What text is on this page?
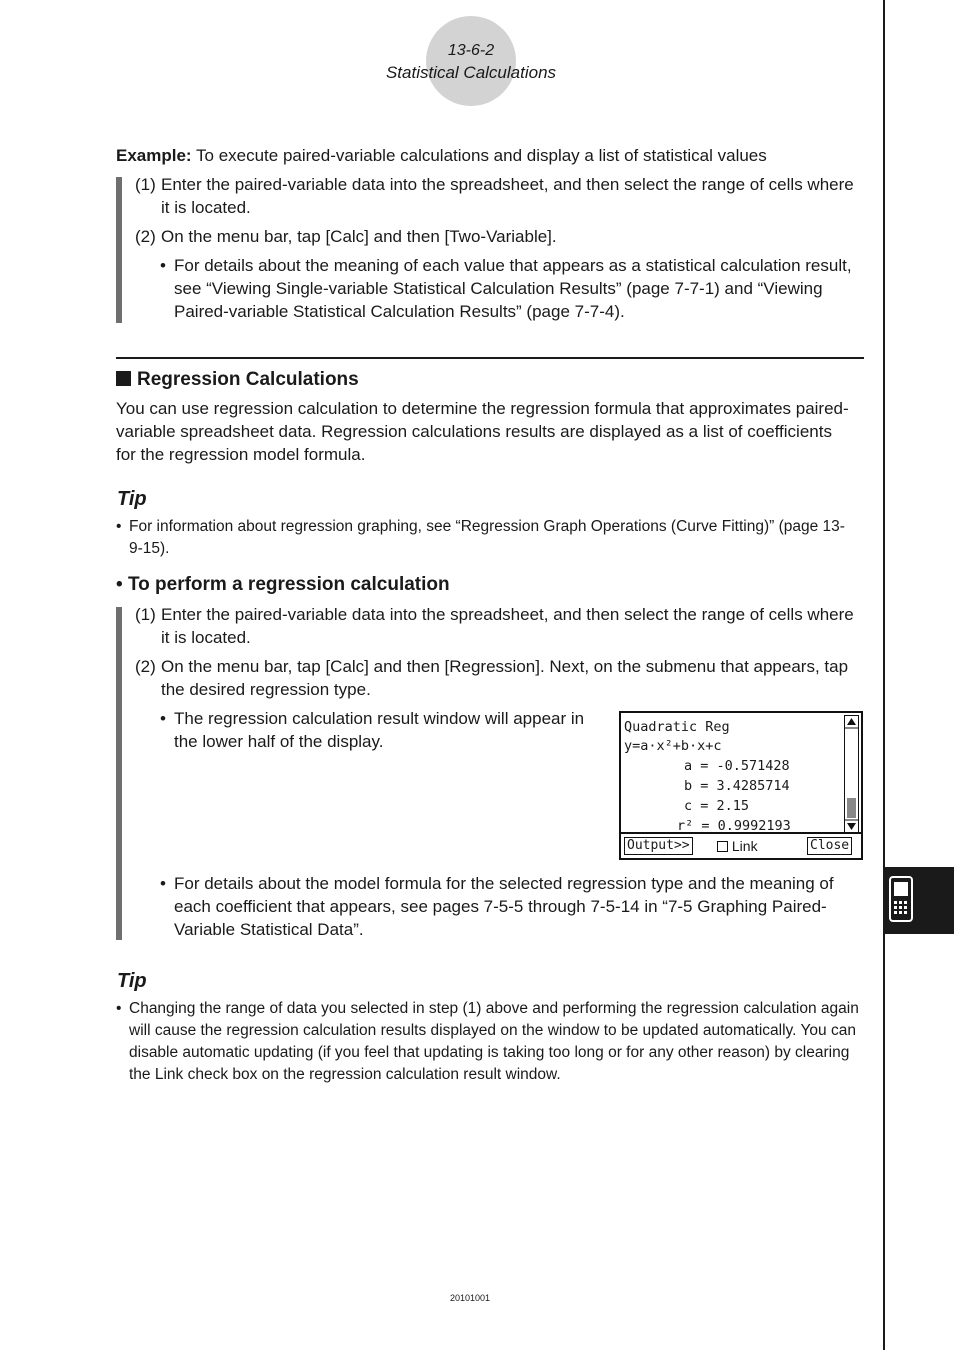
13-6-2
Statistical Calculations
Example: To execute paired-variable calculations and display a list of statistical values
(1) Enter the paired-variable data into the spreadsheet, and then select the range of cells where it is located.
(2) On the menu bar, tap [Calc] and then [Two-Variable].
• For details about the meaning of each value that appears as a statistical calculation result, see “Viewing Single-variable Statistical Calculation Results” (page 7-7-1) and “Viewing Paired-variable Statistical Calculation Results” (page 7-7-4).
Regression Calculations
You can use regression calculation to determine the regression formula that approximates paired-variable spreadsheet data. Regression calculations results are displayed as a list of coefficients for the regression model formula.
Tip
• For information about regression graphing, see “Regression Graph Operations (Curve Fitting)” (page 13-9-15).
• To perform a regression calculation
(1) Enter the paired-variable data into the spreadsheet, and then select the range of cells where it is located.
(2) On the menu bar, tap [Calc] and then [Regression]. Next, on the submenu that appears, tap the desired regression type.
• The regression calculation result window will appear in the lower half of the display.
Quadratic Reg
y=a·x²+b·x+c
a = -0.571428
b = 3.4285714
c = 2.15
r² = 0.9992193
Output>>	Link	Close
• For details about the model formula for the selected regression type and the meaning of each coefficient that appears, see pages 7-5-5 through 7-5-14 in “7-5 Graphing Paired-Variable Statistical Data”.
Tip
• Changing the range of data you selected in step (1) above and performing the regression calculation again will cause the regression calculation results displayed on the window to be updated automatically. You can disable automatic updating (if you feel that updating is taking too long or for any other reason) by clearing the Link check box on the regression calculation result window.
20101001
